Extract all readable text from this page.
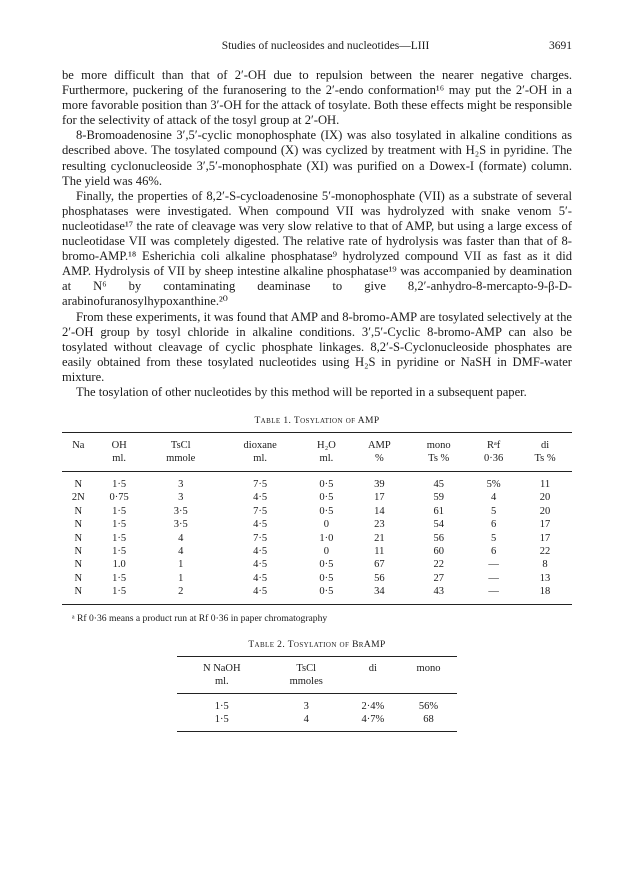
Studies of nucleosides and nucleotides—LIII	3691

be more difficult than that of 2′-OH due to repulsion between the nearer negative charges. Furthermore, puckering of the furanosering to the 2′-endo conformation¹⁶ may put the 2′-OH in a more favorable position than 3′-OH for the attack of tosylate. Both these effects might be responsible for the selectivity of attack of the tosyl group at 2′-OH.

8-Bromoadenosine 3′,5′-cyclic monophosphate (IX) was also tosylated in alkaline conditions as described above. The tosylated compound (X) was cyclized by treatment with H₂S in pyridine. The resulting cyclonucleoside 3′,5′-monophosphate (XI) was purified on a Dowex-I (formate) column. The yield was 46%.

Finally, the properties of 8,2′-S-cycloadenosine 5′-monophosphate (VII) as a substrate of several phosphatases were investigated. When compound VII was hydrolyzed with snake venom 5′-nucleotidase¹⁷ the rate of cleavage was very slow relative to that of AMP, but using a large excess of nucleotidase VII was completely digested. The relative rate of hydrolysis was faster than that of 8-bromo-AMP.¹⁸ Esherichia coli alkaline phosphatase⁹ hydrolyzed compound VII as fast as it did AMP. Hydrolysis of VII by sheep intestine alkaline phosphatase¹⁹ was accompanied by deamination at N⁶ by contaminating deaminase to give 8,2′-anhydro-8-mercapto-9-β-D-arabinofuranosylhypoxanthine.²⁰

From these experiments, it was found that AMP and 8-bromo-AMP are tosylated selectively at the 2′-OH group by tosyl chloride in alkaline conditions. 3′,5′-Cyclic 8-bromo-AMP can also be tosylated without cleavage of cyclic phosphate linkages. 8,2′-S-Cyclonucleoside phosphates are easily obtained from these tosylated nucleotides using H₂S in pyridine or NaSH in DMF-water mixture.

The tosylation of other nucleotides by this method will be reported in a subsequent paper.

Table 1. Tosylation of AMP
Na	OH	TsCl	dioxane	H₂O	AMP	mono	Rᵃf	di
	ml.	mmole	ml.	ml.	%	Ts %	0·36	Ts %
N	1·5	3	7·5	0·5	39	45	5%	11
2N	0·75	3	4·5	0·5	17	59	4	20
N	1·5	3·5	7·5	0·5	14	61	5	20
N	1·5	3·5	4·5	0	23	54	6	17
N	1·5	4	7·5	1·0	21	56	5	17
N	1·5	4	4·5	0	11	60	6	22
N	1.0	1	4·5	0·5	67	22	—	8
N	1·5	1	4·5	0·5	56	27	—	13
N	1·5	2	4·5	0·5	34	43	—	18
ᵃ Rf 0·36 means a product run at Rf 0·36 in paper chromatography
Table 2. Tosylation of BrAMP
N NaOH	TsCl	di	mono
ml.	mmoles		
1·5	3	2·4%	56%
1·5	4	4·7%	68
